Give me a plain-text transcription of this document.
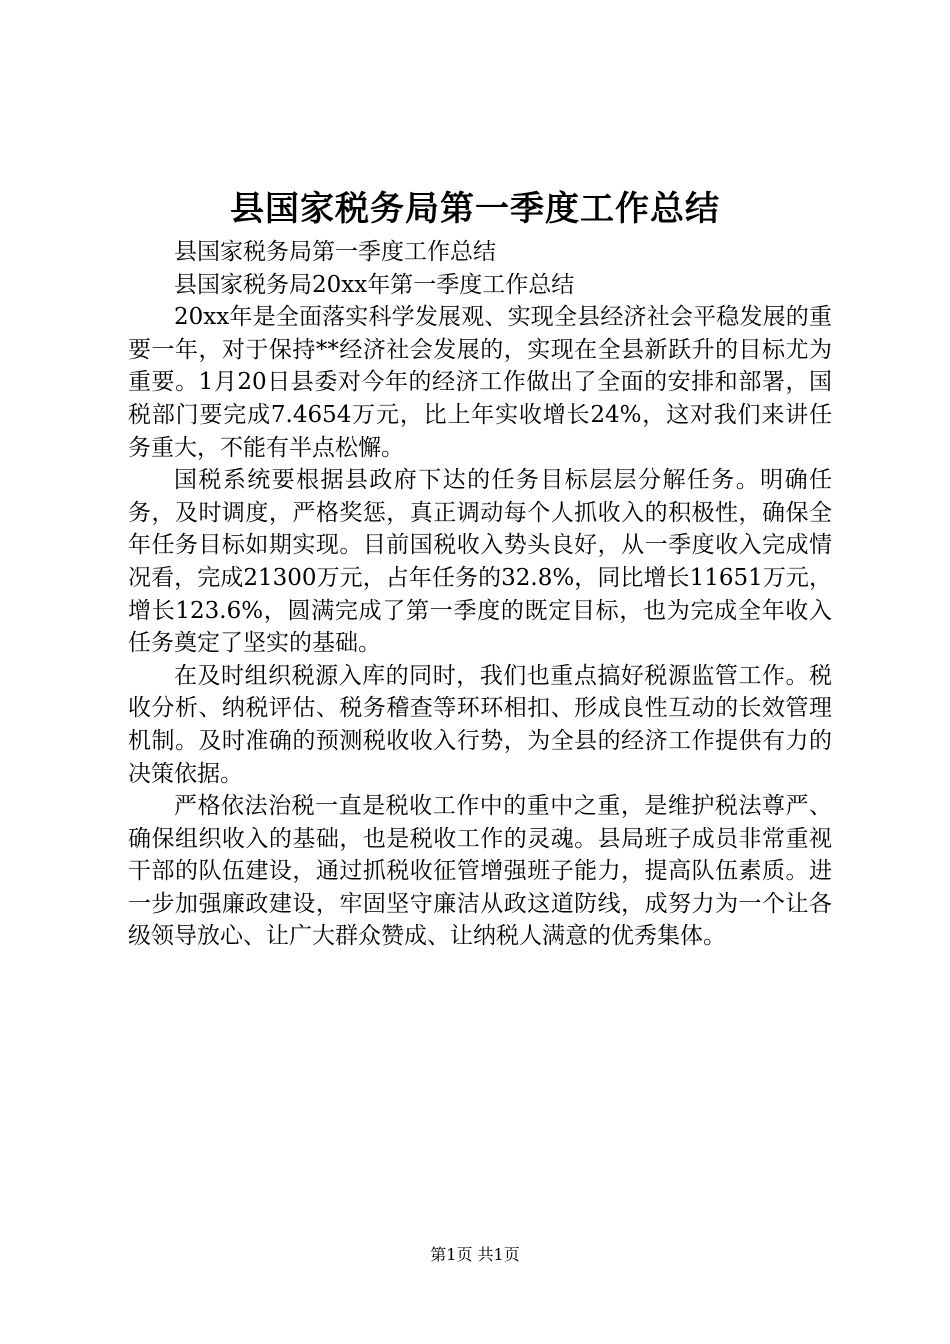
县国家税务局第一季度工作总结

县国家税务局第一季度工作总结

县国家税务局20xx年第一季度工作总结

20xx年是全面落实科学发展观、实现全县经济社会平稳发展的重要一年，对于保持**经济社会发展的，实现在全县新跃升的目标尤为重要。1月20日县委对今年的经济工作做出了全面的安排和部署，国税部门要完成7.4654万元，比上年实收增长24%，这对我们来讲任务重大，不能有半点松懈。

国税系统要根据县政府下达的任务目标层层分解任务。明确任务，及时调度，严格奖惩，真正调动每个人抓收入的积极性，确保全年任务目标如期实现。目前国税收入势头良好，从一季度收入完成情况看，完成21300万元，占年任务的32.8%，同比增长11651万元，增长123.6%，圆满完成了第一季度的既定目标，也为完成全年收入任务奠定了坚实的基础。

在及时组织税源入库的同时，我们也重点搞好税源监管工作。税收分析、纳税评估、税务稽查等环环相扣、形成良性互动的长效管理机制。及时准确的预测税收收入行势，为全县的经济工作提供有力的决策依据。

严格依法治税一直是税收工作中的重中之重，是维护税法尊严、确保组织收入的基础，也是税收工作的灵魂。县局班子成员非常重视干部的队伍建设，通过抓税收征管增强班子能力，提高队伍素质。进一步加强廉政建设，牢固坚守廉洁从政这道防线，成努力为一个让各级领导放心、让广大群众赞成、让纳税人满意的优秀集体。

第1页 共1页
